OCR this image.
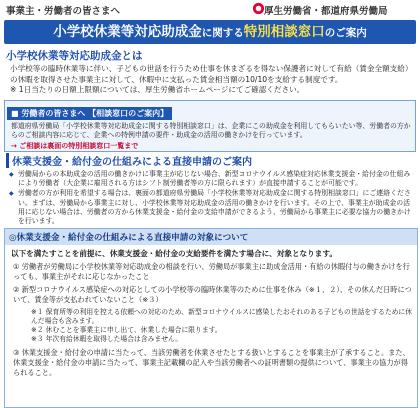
事業主・労働者の皆さまへ	厚生労働省・都道府県労働局
小学校休業等対応助成金に関する特別相談窓口のご案内
小学校休業等対応助成金とは
小学校等の臨時休業等に伴い、子どもの世話を行うため仕事を休まざるを得ない保護者に対して有給（賃金全額支給）の休暇を取得させた事業主に対して、休暇中に支払った賃金相当額の10/10を支給する制度です。
※ 1日当たりの日額上限額については、厚生労働省ホームページにてご確認ください。
■ 労働者の皆さまへ 【相談窓口のご案内】
都道府県労働局「小学校休業等対応助成金に関する特別相談窓口」は、企業にこの助成金を利用してもらいたい等、労働者の方からのご相談内容に応じて、企業への特例申請の要件・助成金の活用の働きかけを行っています。
→ ご相談は裏面の特別相談窓口一覧まで
休業支援金・給付金の仕組みによる直接申請のご案内
◆ 労働局からの本助成金の活用の働きかけに事業主が応じない場合、新型コロナウイルス感染症対応休業支援金・給付金の仕組みにより労働者（大企業に雇用される方はシフト制労働者等の方に限られます）が直接申請することが可能です。
◆ 労働者の方が利用を希望する場合は、裏面の都道府県労働局「小学校休業等対応助成金に関する特別相談窓口」にご連絡ください。まずは、労働局から事業主に対し、小学校休業等対応助成金の活用の働きかけを行います。その上で、事業主が助成金の活用に応じない場合は、労働者の方から休業支援金・給付金の支給申請ができるよう、労働局から事業主に必要な協力の働きかけを行います。
◎休業支援金・給付金の仕組みによる直接申請の対象について
以下を満たすことを前提に、休業支援金・給付金の支給要件を満たす場合に、対象となります。
① 労働者が労働局に小学校休業等対応助成金の相談を行い、労働局が事業主に助成金活用・有給の休暇付与の働きかけを行っても、事業主がそれに応じなかったこと
② 新型コロナウイルス感染症への対応としての小学校等の臨時休業等のために仕事を休み（※１、２）、その休んだ日時について、賃金等が支払われていないこと（※３）
※１ 保育所等の利用を控える依頼への対応のため、新型コロナウイルスに感染したおそれのある子どもの世話をするために休んだ場合も含みます。
※２ 休むことを事業主に申し出て、休業した場合に限ります。
※３ 年次有給休暇を取得した場合は含みません。
③ 休業支援金・給付金の申請に当たって、当該労働者を休業させたとする扱いとすることを事業主が了承すること。また、休業支援金・給付金の申請に当たって、事業主記載欄の記入や当該労働者への証明書類の提供について、事業主の協力が得られること。
